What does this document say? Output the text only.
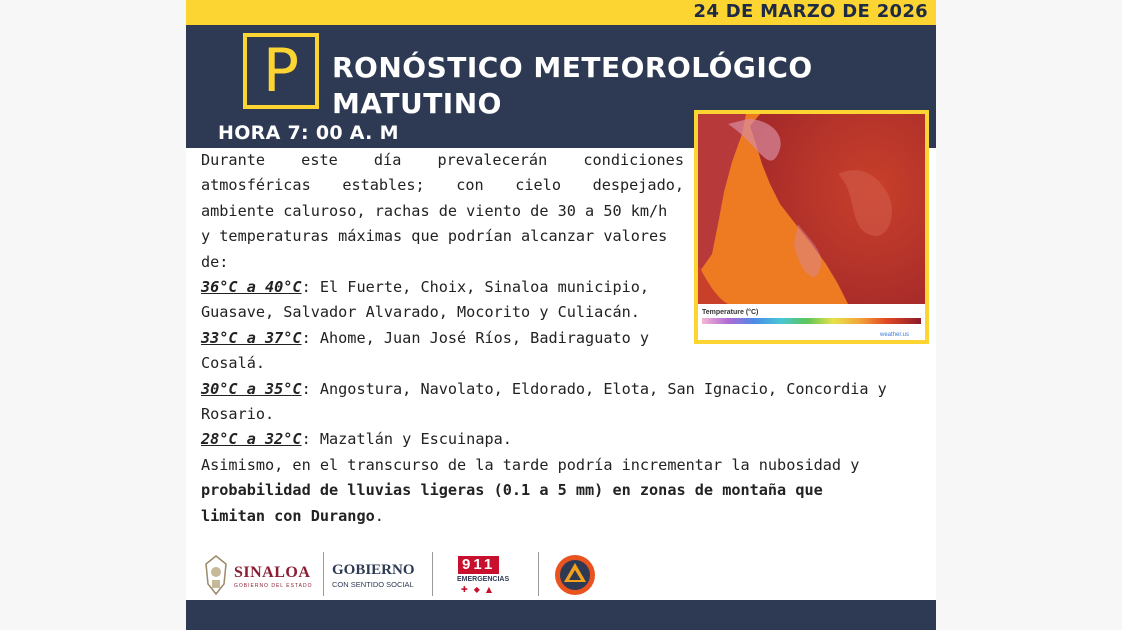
24 DE MARZO DE 2026
P	RONÓSTICO METEOROLÓGICO
MATUTINO
HORA 7: 00 A. M
Temperature (°C)
weather.us
Durante este día prevalecerán condiciones
atmosféricas estables; con cielo despejado,
ambiente caluroso, rachas de viento de 30 a 50 km/h
y temperaturas máximas que podrían alcanzar valores
de:
36°C a 40°C: El Fuerte, Choix, Sinaloa municipio,
Guasave, Salvador Alvarado, Mocorito y Culiacán.
33°C a 37°C: Ahome, Juan José Ríos, Badiraguato y
Cosalá.
30°C a 35°C: Angostura, Navolato, Eldorado, Elota, San Ignacio, Concordia y
Rosario.
28°C a 32°C: Mazatlán y Escuinapa.
Asimismo, en el transcurso de la tarde podría incrementar la nubosidad y
probabilidad de lluvias ligeras (0.1 a 5 mm) en zonas de montaña que
limitan con Durango.
SINALOA
GOBIERNO DEL ESTADO
GOBIERNO
CON SENTIDO SOCIAL
911
EMERGENCIAS
✚◆▲
